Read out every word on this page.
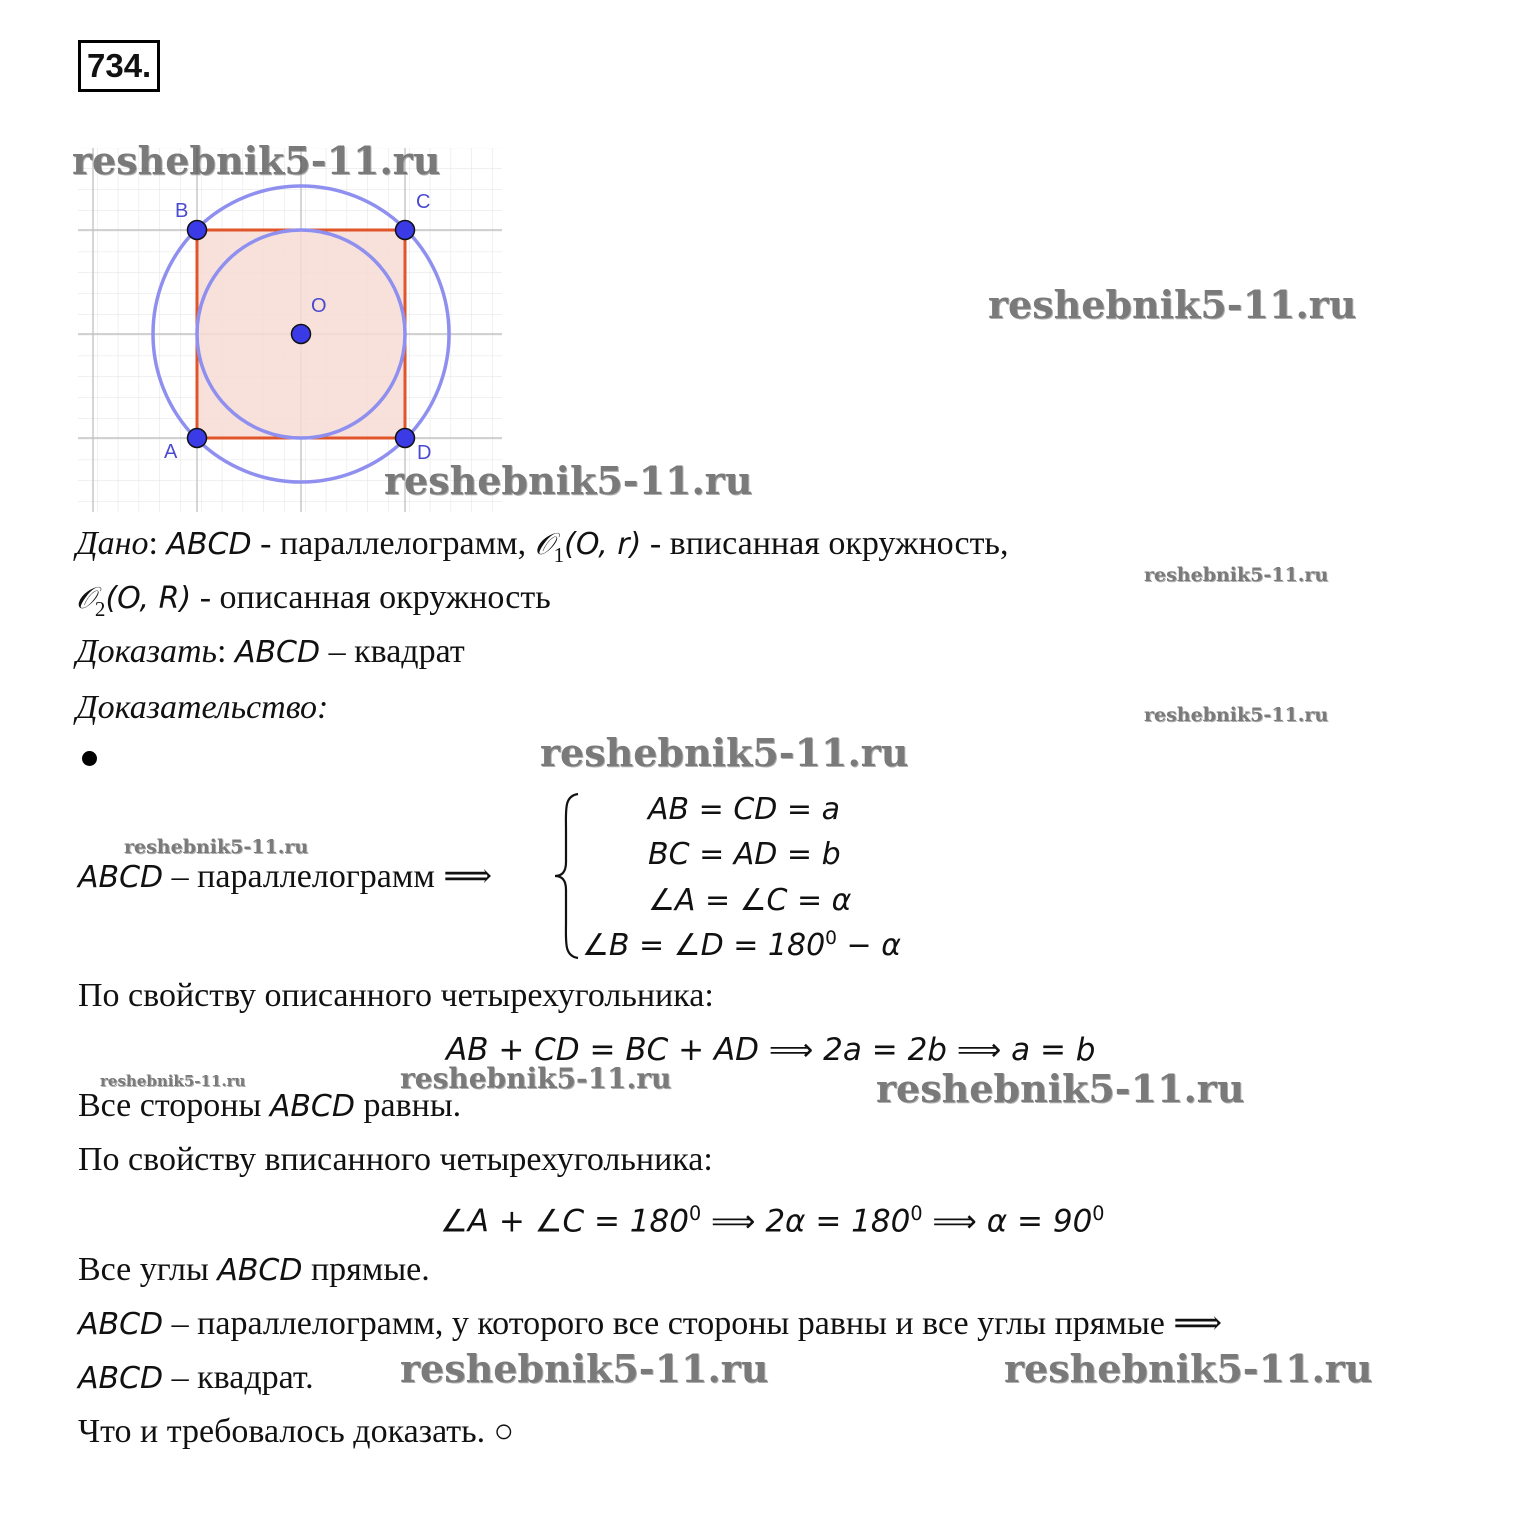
734.
B	C
A	D
O
reshebnik5-11.ru
reshebnik5-11.ru
reshebnik5-11.ru
reshebnik5-11.ru
reshebnik5-11.ru
reshebnik5-11.ru
reshebnik5-11.ru
reshebnik5-11.ru	reshebnik5-11.ru	reshebnik5-11.ru
reshebnik5-11.ru	reshebnik5-11.ru
Дано: ABCD - параллелограмм, 𝒪$_1$(O, r) - вписанная окружность,
𝒪$_2$(O, R) - описанная окружность
Доказать: ABCD – квадрат
Доказательство:
ABCD – параллелограмм ⟹
AB = CD = a
BC = AD = b
∠A = ∠C = α
∠B = ∠D = $180^0 - \alpha$
По свойству описанного четырехугольника:
AB + CD = BC + AD ⟹ 2a = 2b ⟹ a = b
Все стороны ABCD равны.
По свойству вписанного четырехугольника:
∠A + ∠C = $180^0$ ⟹ $2\alpha = 180^0$ ⟹ $\alpha = 90^0$
Все углы ABCD прямые.
ABCD – параллелограмм, у которого все стороны равны и все углы прямые ⟹
ABCD – квадрат.
Что и требовалось доказать. ○
